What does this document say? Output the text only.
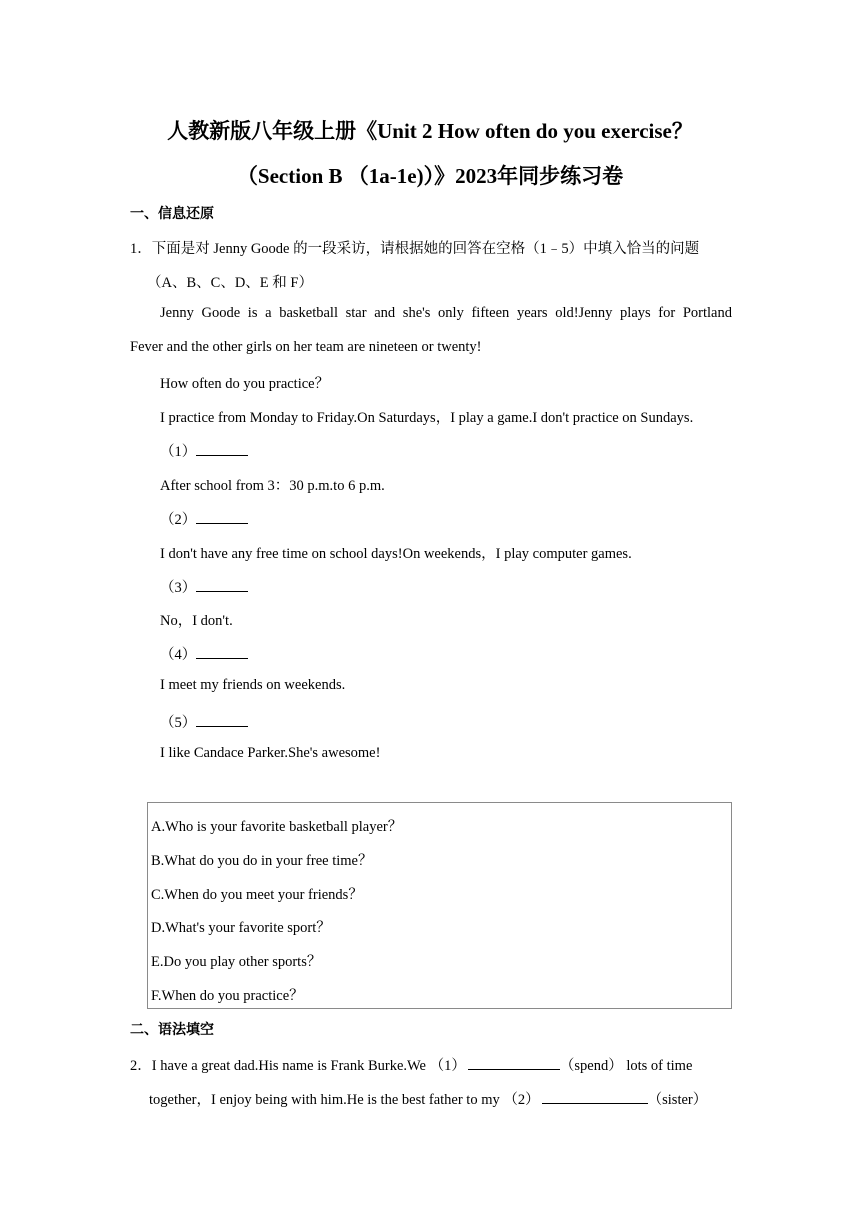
人教新版八年级上册《Unit 2 How often do you exercise？
（Section B （1a-1e)）》2023年同步练习卷
一、信息还原
1．下面是对 Jenny Goode 的一段采访，请根据她的回答在空格（1﹣5）中填入恰当的问题
（A、B、C、D、E 和 F）
Jenny Goode is a basketball star and she's only fifteen years old!Jenny plays for Portland
Fever and the other girls on her team are nineteen or twenty!
How often do you practice？
I practice from Monday to Friday.On Saturdays，I play a game.I don't practice on Sundays.
（1）
After school from 3：30 p.m.to 6 p.m.
（2）
I don't have any free time on school days!On weekends，I play computer games.
（3）
No，I don't.
（4）
I meet my friends on weekends.
（5）
I like Candace Parker.She's awesome!
A.Who is your favorite basketball player？
B.What do you do in your free time？
C.When do you meet your friends？
D.What's your favorite sport？
E.Do you play other sports？
F.When do you practice？
二、语法填空
2．I have a great dad.His name is Frank Burke.We （1）	（spend） lots of time
together，I enjoy being with him.He is the best father to my （2）	（sister）
